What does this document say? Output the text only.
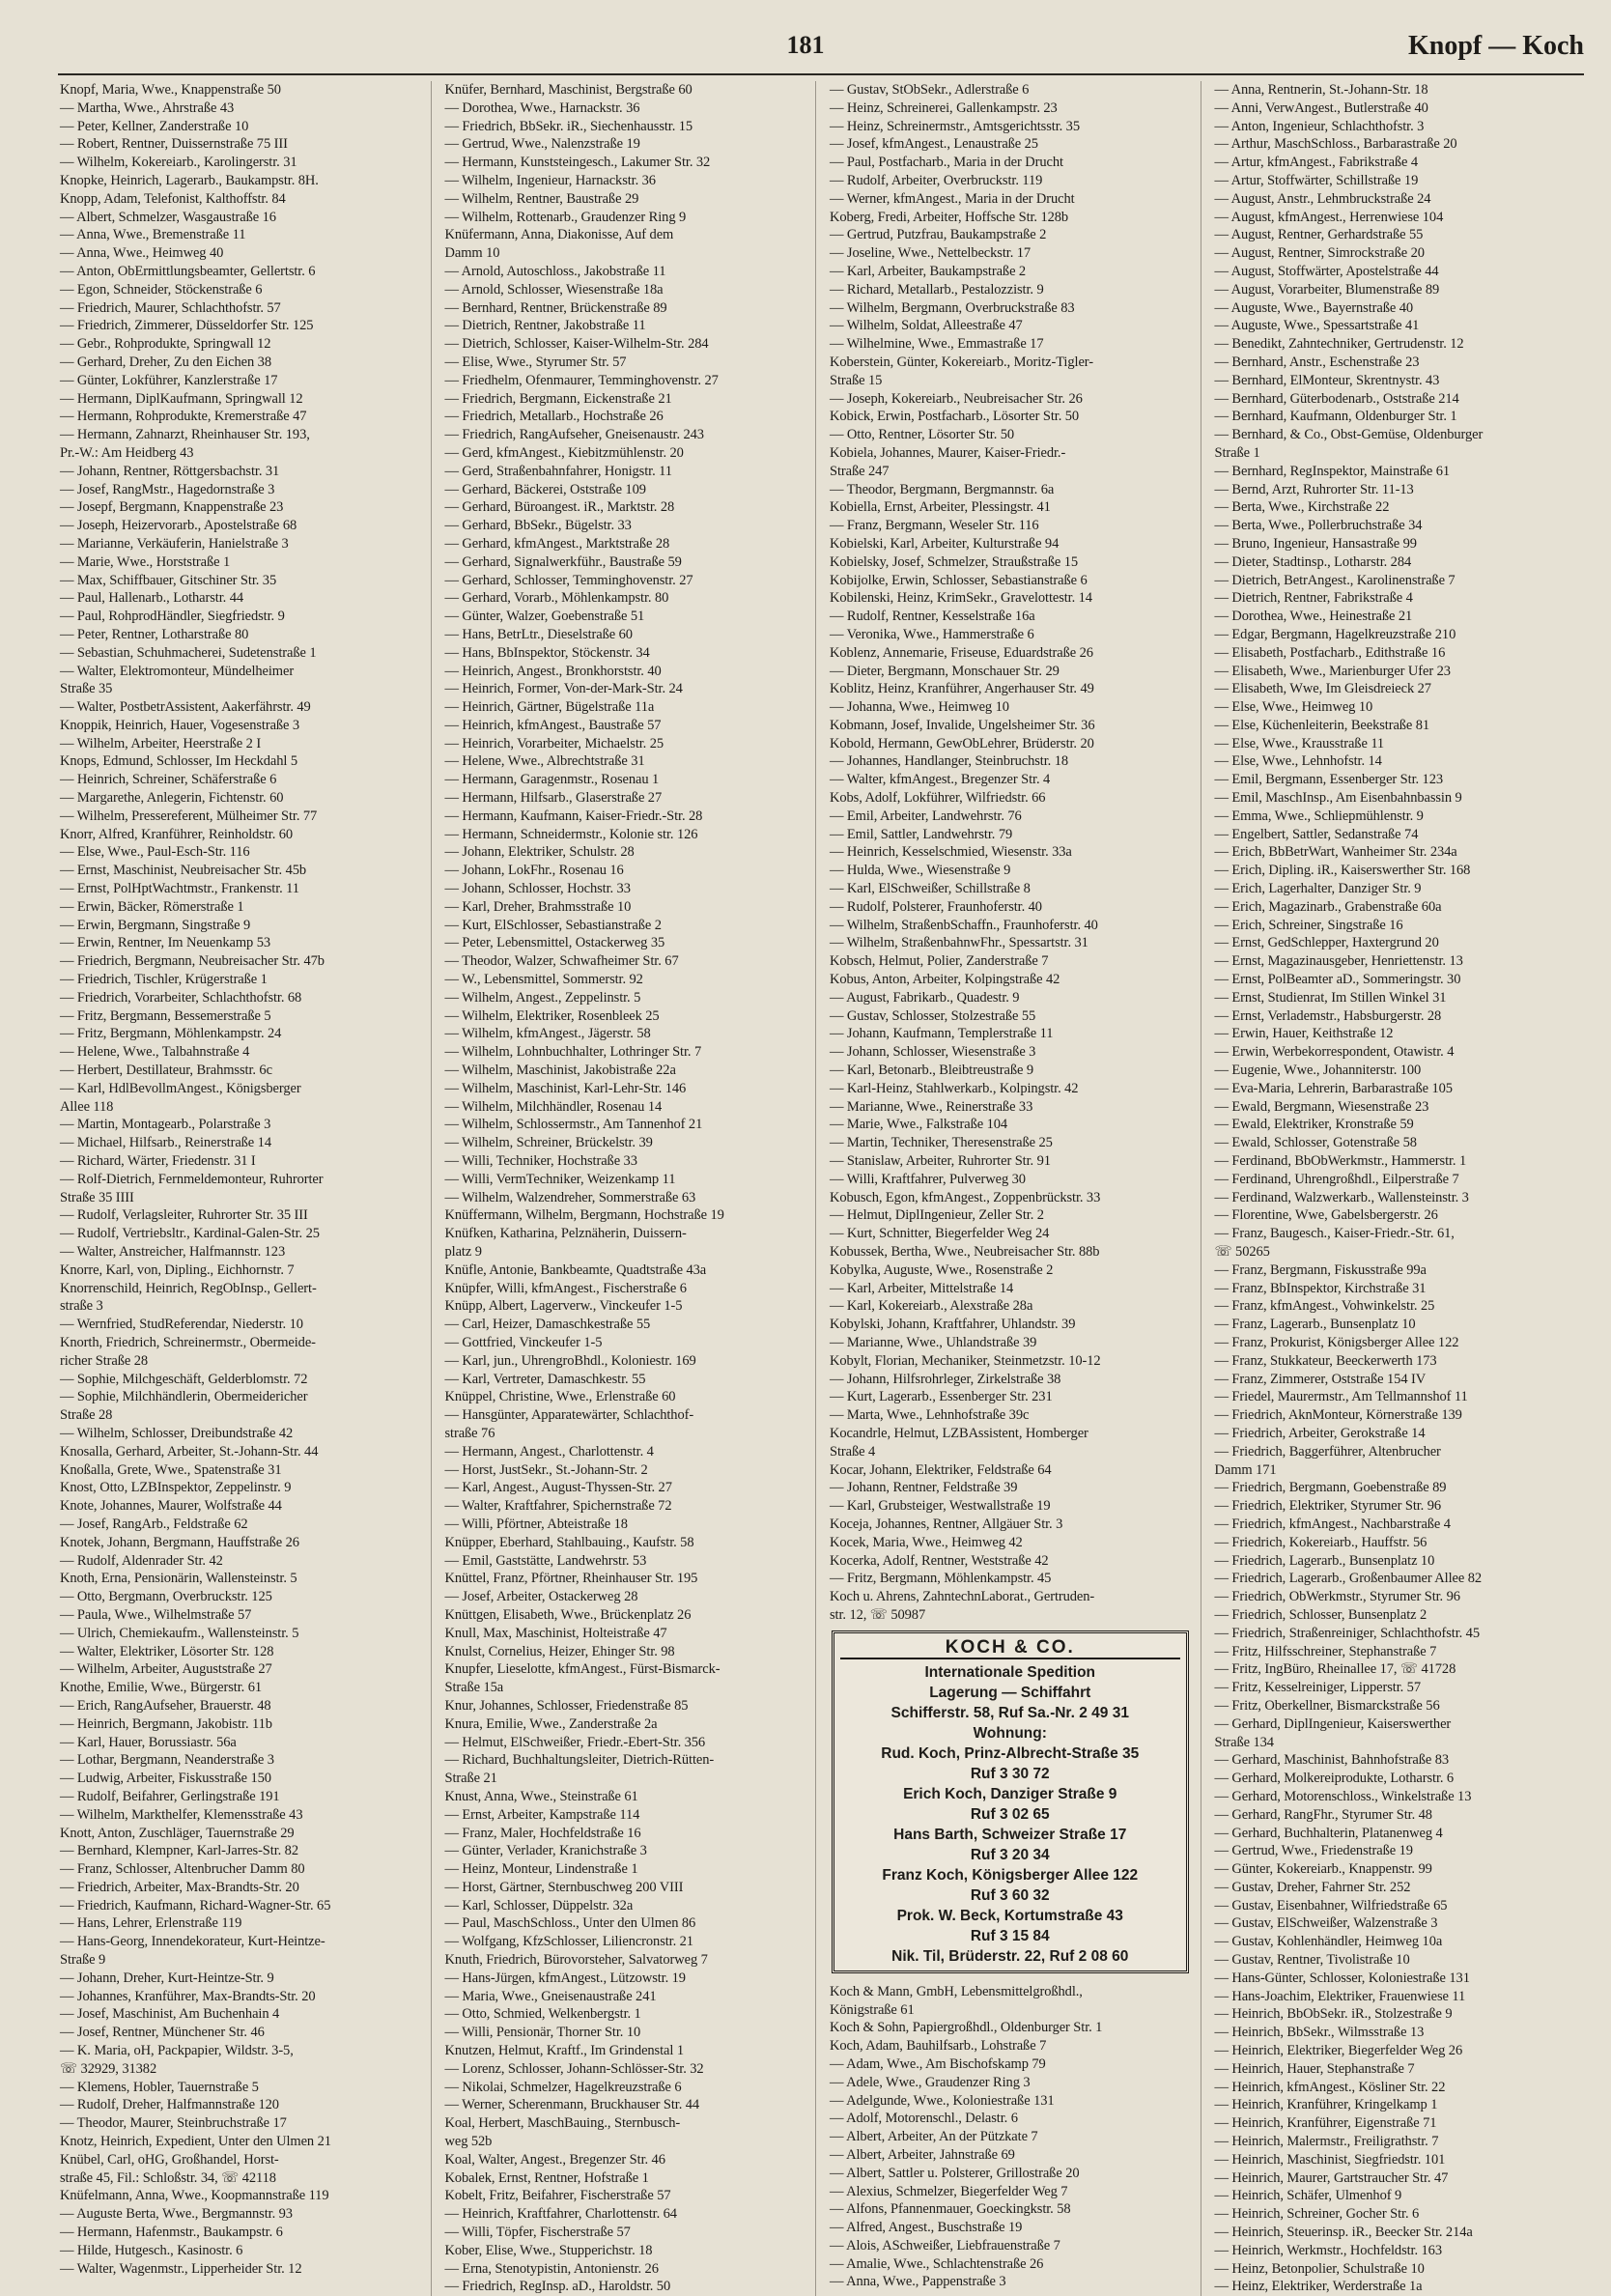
181	Knopf — Koch
Knopf, Maria, Wwe., Knappenstraße 50
— Martha, Wwe., Ahrstraße 43
— Peter, Kellner, Zanderstraße 10
— Robert, Rentner, Duissernstraße 75 III
— Wilhelm, Kokereiarb., Karolingerstr. 31
Knopke, Heinrich, Lagerarb., Baukampstr. 8H.
Knopp, Adam, Telefonist, Kalthoffstr. 84
— Albert, Schmelzer, Wasgaustraße 16
— Anna, Wwe., Bremenstraße 11
— Anna, Wwe., Heimweg 40
— Anton, ObErmittlungsbeamter, Gellertstr. 6
— Egon, Schneider, Stöckenstraße 6
— Friedrich, Maurer, Schlachthofstr. 57
— Friedrich, Zimmerer, Düsseldorfer Str. 125
— Gebr., Rohprodukte, Springwall 12
— Gerhard, Dreher, Zu den Eichen 38
— Günter, Lokführer, Kanzlerstraße 17
— Hermann, DiplKaufmann, Springwall 12
— Hermann, Rohprodukte, Kremerstraße 47
— Hermann, Zahnarzt, Rheinhauser Str. 193,
Pr.-W.: Am Heidberg 43
— Johann, Rentner, Röttgersbachstr. 31
— Josef, RangMstr., Hagedornstraße 3
— Josepf, Bergmann, Knappenstraße 23
— Joseph, Heizervorarb., Apostelstraße 68
— Marianne, Verkäuferin, Hanielstraße 3
— Marie, Wwe., Horststraße 1
— Max, Schiffbauer, Gitschiner Str. 35
— Paul, Hallenarb., Lotharstr. 44
— Paul, RohprodHändler, Siegfriedstr. 9
— Peter, Rentner, Lotharstraße 80
— Sebastian, Schuhmacherei, Sudetenstraße 1
— Walter, Elektromonteur, Mündelheimer
Straße 35
— Walter, PostbetrAssistent, Aakerfährstr. 49
Knoppik, Heinrich, Hauer, Vogesenstraße 3
— Wilhelm, Arbeiter, Heerstraße 2 I
Knops, Edmund, Schlosser, Im Heckdahl 5
— Heinrich, Schreiner, Schäferstraße 6
— Margarethe, Anlegerin, Fichtenstr. 60
— Wilhelm, Pressereferent, Mülheimer Str. 77
Knorr, Alfred, Kranführer, Reinholdstr. 60
— Else, Wwe., Paul-Esch-Str. 116
— Ernst, Maschinist, Neubreisacher Str. 45b
— Ernst, PolHptWachtmstr., Frankenstr. 11
— Erwin, Bäcker, Römerstraße 1
— Erwin, Bergmann, Singstraße 9
— Erwin, Rentner, Im Neuenkamp 53
— Friedrich, Bergmann, Neubreisacher Str. 47b
— Friedrich, Tischler, Krügerstraße 1
— Friedrich, Vorarbeiter, Schlachthofstr. 68
— Fritz, Bergmann, Bessemerstraße 5
— Fritz, Bergmann, Möhlenkampstr. 24
— Helene, Wwe., Talbahnstraße 4
— Herbert, Destillateur, Brahmsstr. 6c
— Karl, HdlBevollmAngest., Königsberger
Allee 118
— Martin, Montagearb., Polarstraße 3
— Michael, Hilfsarb., Reinerstraße 14
— Richard, Wärter, Friedenstr. 31 I
— Rolf-Dietrich, Fernmeldemonteur, Ruhrorter
Straße 35 IIII
— Rudolf, Verlagsleiter, Ruhrorter Str. 35 III
— Rudolf, Vertriebsltr., Kardinal-Galen-Str. 25
— Walter, Anstreicher, Halfmannstr. 123
Knorre, Karl, von, Dipling., Eichhornstr. 7
Knorrenschild, Heinrich, RegObInsp., Gellert-
straße 3
— Wernfried, StudReferendar, Niederstr. 10
Knorth, Friedrich, Schreinermstr., Obermeide-
richer Straße 28
— Sophie, Milchgeschäft, Gelderblomstr. 72
— Sophie, Milchhändlerin, Obermeidericher
Straße 28
— Wilhelm, Schlosser, Dreibundstraße 42
Knosalla, Gerhard, Arbeiter, St.-Johann-Str. 44
Knoßalla, Grete, Wwe., Spatenstraße 31
Knost, Otto, LZBInspektor, Zeppelinstr. 9
Knote, Johannes, Maurer, Wolfstraße 44
— Josef, RangArb., Feldstraße 62
Knotek, Johann, Bergmann, Hauffstraße 26
— Rudolf, Aldenrader Str. 42
Knoth, Erna, Pensionärin, Wallensteinstr. 5
— Otto, Bergmann, Overbruckstr. 125
— Paula, Wwe., Wilhelmstraße 57
— Ulrich, Chemiekaufm., Wallensteinstr. 5
— Walter, Elektriker, Lösorter Str. 128
— Wilhelm, Arbeiter, Auguststraße 27
Knothe, Emilie, Wwe., Bürgerstr. 61
— Erich, RangAufseher, Brauerstr. 48
— Heinrich, Bergmann, Jakobistr. 11b
— Karl, Hauer, Borussiastr. 56a
— Lothar, Bergmann, Neanderstraße 3
— Ludwig, Arbeiter, Fiskusstraße 150
— Rudolf, Beifahrer, Gerlingstraße 191
— Wilhelm, Markthelfer, Klemensstraße 43
Knott, Anton, Zuschläger, Tauernstraße 29
— Bernhard, Klempner, Karl-Jarres-Str. 82
— Franz, Schlosser, Altenbrucher Damm 80
— Friedrich, Arbeiter, Max-Brandts-Str. 20
— Friedrich, Kaufmann, Richard-Wagner-Str. 65
— Hans, Lehrer, Erlenstraße 119
— Hans-Georg, Innendekorateur, Kurt-Heintze-
Straße 9
— Johann, Dreher, Kurt-Heintze-Str. 9
— Johannes, Kranführer, Max-Brandts-Str. 20
— Josef, Maschinist, Am Buchenhain 4
— Josef, Rentner, Münchener Str. 46
— K. Maria, oH, Packpapier, Wildstr. 3-5,
☏ 32929, 31382
— Klemens, Hobler, Tauernstraße 5
— Rudolf, Dreher, Halfmannstraße 120
— Theodor, Maurer, Steinbruchstraße 17
Knotz, Heinrich, Expedient, Unter den Ulmen 21
Knübel, Carl, oHG, Großhandel, Horst-
straße 45, Fil.: Schloßstr. 34, ☏ 42118
Knüfelmann, Anna, Wwe., Koopmannstraße 119
— Auguste Berta, Wwe., Bergmannstr. 93
— Hermann, Hafenmstr., Baukampstr. 6
— Hilde, Hutgesch., Kasinostr. 6
— Walter, Wagenmstr., Lipperheider Str. 12
Knüfer, Bernhard, Maschinist, Bergstraße 60
— Dorothea, Wwe., Harnackstr. 36
— Friedrich, BbSekr. iR., Siechenhausstr. 15
— Gertrud, Wwe., Nalenzstraße 19
— Hermann, Kunststeingesch., Lakumer Str. 32
— Wilhelm, Ingenieur, Harnackstr. 36
— Wilhelm, Rentner, Baustraße 29
— Wilhelm, Rottenarb., Graudenzer Ring 9
Knüfermann, Anna, Diakonisse, Auf dem
Damm 10
— Arnold, Autoschloss., Jakobstraße 11
— Arnold, Schlosser, Wiesenstraße 18a
— Bernhard, Rentner, Brückenstraße 89
— Dietrich, Rentner, Jakobstraße 11
— Dietrich, Schlosser, Kaiser-Wilhelm-Str. 284
— Elise, Wwe., Styrumer Str. 57
— Friedhelm, Ofenmaurer, Temminghovenstr. 27
— Friedrich, Bergmann, Eickenstraße 21
— Friedrich, Metallarb., Hochstraße 26
— Friedrich, RangAufseher, Gneisenaustr. 243
— Gerd, kfmAngest., Kiebitzmühlenstr. 20
— Gerd, Straßenbahnfahrer, Honigstr. 11
— Gerhard, Bäckerei, Oststraße 109
— Gerhard, Büroangest. iR., Marktstr. 28
— Gerhard, BbSekr., Bügelstr. 33
— Gerhard, kfmAngest., Marktstraße 28
— Gerhard, Signalwerkführ., Baustraße 59
— Gerhard, Schlosser, Temminghovenstr. 27
— Gerhard, Vorarb., Möhlenkampstr. 80
— Günter, Walzer, Goebenstraße 51
— Hans, BetrLtr., Dieselstraße 60
— Hans, BbInspektor, Stöckenstr. 34
— Heinrich, Angest., Bronkhorststr. 40
— Heinrich, Former, Von-der-Mark-Str. 24
— Heinrich, Gärtner, Bügelstraße 11a
— Heinrich, kfmAngest., Baustraße 57
— Heinrich, Vorarbeiter, Michaelstr. 25
— Helene, Wwe., Albrechtstraße 31
— Hermann, Garagenmstr., Rosenau 1
— Hermann, Hilfsarb., Glaserstraße 27
— Hermann, Kaufmann, Kaiser-Friedr.-Str. 28
— Hermann, Schneidermstr., Kolonie str. 126
— Johann, Elektriker, Schulstr. 28
— Johann, LokFhr., Rosenau 16
— Johann, Schlosser, Hochstr. 33
— Karl, Dreher, Brahmsstraße 10
— Kurt, ElSchlosser, Sebastianstraße 2
— Peter, Lebensmittel, Ostackerweg 35
— Theodor, Walzer, Schwafheimer Str. 67
— W., Lebensmittel, Sommerstr. 92
— Wilhelm, Angest., Zeppelinstr. 5
— Wilhelm, Elektriker, Rosenbleek 25
— Wilhelm, kfmAngest., Jägerstr. 58
— Wilhelm, Lohnbuchhalter, Lothringer Str. 7
— Wilhelm, Maschinist, Jakobistraße 22a
— Wilhelm, Maschinist, Karl-Lehr-Str. 146
— Wilhelm, Milchhändler, Rosenau 14
— Wilhelm, Schlossermstr., Am Tannenhof 21
— Wilhelm, Schreiner, Brückelstr. 39
— Willi, Techniker, Hochstraße 33
— Willi, VermTechniker, Weizenkamp 11
— Wilhelm, Walzendreher, Sommerstraße 63
Knüffermann, Wilhelm, Bergmann, Hochstraße 19
Knüfken, Katharina, Pelznäherin, Duissern-
platz 9
Knüfle, Antonie, Bankbeamte, Quadtstraße 43a
Knüpfer, Willi, kfmAngest., Fischerstraße 6
Knüpp, Albert, Lagerverw., Vinckeufer 1-5
— Carl, Heizer, Damaschkestraße 55
— Gottfried, Vinckeufer 1-5
— Karl, jun., UhrengroBhdl., Koloniestr. 169
— Karl, Vertreter, Damaschkestr. 55
Knüppel, Christine, Wwe., Erlenstraße 60
— Hansgünter, Apparatewärter, Schlachthof-
straße 76
— Hermann, Angest., Charlottenstr. 4
— Horst, JustSekr., St.-Johann-Str. 2
— Karl, Angest., August-Thyssen-Str. 27
— Walter, Kraftfahrer, Spichernstraße 72
— Willi, Pförtner, Abteistraße 18
Knüpper, Eberhard, Stahlbauing., Kaufstr. 58
— Emil, Gaststätte, Landwehrstr. 53
Knüttel, Franz, Pförtner, Rheinhauser Str. 195
— Josef, Arbeiter, Ostackerweg 28
Knüttgen, Elisabeth, Wwe., Brückenplatz 26
Knull, Max, Maschinist, Holteistraße 47
Knulst, Cornelius, Heizer, Ehinger Str. 98
Knupfer, Lieselotte, kfmAngest., Fürst-Bismarck-
Straße 15a
Knur, Johannes, Schlosser, Friedenstraße 85
Knura, Emilie, Wwe., Zanderstraße 2a
— Helmut, ElSchweißer, Friedr.-Ebert-Str. 356
— Richard, Buchhaltungsleiter, Dietrich-Rütten-
Straße 21
Knust, Anna, Wwe., Steinstraße 61
— Ernst, Arbeiter, Kampstraße 114
— Franz, Maler, Hochfeldstraße 16
— Günter, Verlader, Kranichstraße 3
— Heinz, Monteur, Lindenstraße 1
— Horst, Gärtner, Sternbuschweg 200 VIII
— Karl, Schlosser, Düppelstr. 32a
— Paul, MaschSchloss., Unter den Ulmen 86
— Wolfgang, KfzSchlosser, Liliencronstr. 21
Knuth, Friedrich, Bürovorsteher, Salvatorweg 7
— Hans-Jürgen, kfmAngest., Lützowstr. 19
— Maria, Wwe., Gneisenaustraße 241
— Otto, Schmied, Welkenbergstr. 1
— Willi, Pensionär, Thorner Str. 10
Knutzen, Helmut, Kraftf., Im Grindenstal 1
— Lorenz, Schlosser, Johann-Schlösser-Str. 32
— Nikolai, Schmelzer, Hagelkreuzstraße 6
— Werner, Scherenmann, Bruckhauser Str. 44
Koal, Herbert, MaschBauing., Sternbusch-
weg 52b
Koal, Walter, Angest., Bregenzer Str. 46
Kobalek, Ernst, Rentner, Hofstraße 1
Kobelt, Fritz, Beifahrer, Fischerstraße 57
— Heinrich, Kraftfahrer, Charlottenstr. 64
— Willi, Töpfer, Fischerstraße 57
Kober, Elise, Wwe., Stupperichstr. 18
— Erna, Stenotypistin, Antonienstr. 26
— Friedrich, RegInsp. aD., Haroldstr. 50
— Gustav, StObSekr., Adlerstraße 6
— Heinz, Schreinerei, Gallenkampstr. 23
— Heinz, Schreinermstr., Amtsgerichtsstr. 35
— Josef, kfmAngest., Lenaustraße 25
— Paul, Postfacharb., Maria in der Drucht
— Rudolf, Arbeiter, Overbruckstr. 119
— Werner, kfmAngest., Maria in der Drucht
Koberg, Fredi, Arbeiter, Hoffsche Str. 128b
— Gertrud, Putzfrau, Baukampstraße 2
— Joseline, Wwe., Nettelbeckstr. 17
— Karl, Arbeiter, Baukampstraße 2
— Richard, Metallarb., Pestalozzistr. 9
— Wilhelm, Bergmann, Overbruckstraße 83
— Wilhelm, Soldat, Alleestraße 47
— Wilhelmine, Wwe., Emmastraße 17
Koberstein, Günter, Kokereiarb., Moritz-Tigler-
Straße 15
— Joseph, Kokereiarb., Neubreisacher Str. 26
Kobick, Erwin, Postfacharb., Lösorter Str. 50
— Otto, Rentner, Lösorter Str. 50
Kobiela, Johannes, Maurer, Kaiser-Friedr.-
Straße 247
— Theodor, Bergmann, Bergmannstr. 6a
Kobiella, Ernst, Arbeiter, Plessingstr. 41
— Franz, Bergmann, Weseler Str. 116
Kobielski, Karl, Arbeiter, Kulturstraße 94
Kobielsky, Josef, Schmelzer, Straußstraße 15
Kobijolke, Erwin, Schlosser, Sebastianstraße 6
Kobilenski, Heinz, KrimSekr., Gravelottestr. 14
— Rudolf, Rentner, Kesselstraße 16a
— Veronika, Wwe., Hammerstraße 6
Koblenz, Annemarie, Friseuse, Eduardstraße 26
— Dieter, Bergmann, Monschauer Str. 29
Koblitz, Heinz, Kranführer, Angerhauser Str. 49
— Johanna, Wwe., Heimweg 10
Kobmann, Josef, Invalide, Ungelsheimer Str. 36
Kobold, Hermann, GewObLehrer, Brüderstr. 20
— Johannes, Handlanger, Steinbruchstr. 18
— Walter, kfmAngest., Bregenzer Str. 4
Kobs, Adolf, Lokführer, Wilfriedstr. 66
— Emil, Arbeiter, Landwehrstr. 76
— Emil, Sattler, Landwehrstr. 79
— Heinrich, Kesselschmied, Wiesenstr. 33a
— Hulda, Wwe., Wiesenstraße 9
— Karl, ElSchweißer, Schillstraße 8
— Rudolf, Polsterer, Fraunhoferstr. 40
— Wilhelm, StraßenbSchaffn., Fraunhoferstr. 40
— Wilhelm, StraßenbahnwFhr., Spessartstr. 31
Kobsch, Helmut, Polier, Zanderstraße 7
Kobus, Anton, Arbeiter, Kolpingstraße 42
— August, Fabrikarb., Quadestr. 9
— Gustav, Schlosser, Stolzestraße 55
— Johann, Kaufmann, Templerstraße 11
— Johann, Schlosser, Wiesenstraße 3
— Karl, Betonarb., Bleibtreustraße 9
— Karl-Heinz, Stahlwerkarb., Kolpingstr. 42
— Marianne, Wwe., Reinerstraße 33
— Marie, Wwe., Falkstraße 104
— Martin, Techniker, Theresenstraße 25
— Stanislaw, Arbeiter, Ruhrorter Str. 91
— Willi, Kraftfahrer, Pulverweg 30
Kobusch, Egon, kfmAngest., Zoppenbrückstr. 33
— Helmut, DiplIngenieur, Zeller Str. 2
— Kurt, Schnitter, Biegerfelder Weg 24
Kobussek, Bertha, Wwe., Neubreisacher Str. 88b
Kobylka, Auguste, Wwe., Rosenstraße 2
— Karl, Arbeiter, Mittelstraße 14
— Karl, Kokereiarb., Alexstraße 28a
Kobylski, Johann, Kraftfahrer, Uhlandstr. 39
— Marianne, Wwe., Uhlandstraße 39
Kobylt, Florian, Mechaniker, Steinmetzstr. 10-12
— Johann, Hilfsrohrleger, Zirkelstraße 38
— Kurt, Lagerarb., Essenberger Str. 231
— Marta, Wwe., Lehnhofstraße 39c
Kocandrle, Helmut, LZBAssistent, Homberger
Straße 4
Kocar, Johann, Elektriker, Feldstraße 64
— Johann, Rentner, Feldstraße 39
— Karl, Grubsteiger, Westwallstraße 19
Koceja, Johannes, Rentner, Allgäuer Str. 3
Kocek, Maria, Wwe., Heimweg 42
Kocerka, Adolf, Rentner, Weststraße 42
— Fritz, Bergmann, Möhlenkampstr. 45
Koch u. Ahrens, ZahntechnLaborat., Gertruden-
str. 12, ☏ 50987
KOCH & CO.
Internationale Spedition
Lagerung — Schiffahrt
Schifferstr. 58, Ruf Sa.-Nr. 2 49 31
Wohnung:
Rud. Koch, Prinz-Albrecht-Straße 35
Ruf 3 30 72
Erich Koch, Danziger Straße 9
Ruf 3 02 65
Hans Barth, Schweizer Straße 17
Ruf 3 20 34
Franz Koch, Königsberger Allee 122
Ruf 3 60 32
Prok. W. Beck, Kortumstraße 43
Ruf 3 15 84
Nik. Til, Brüderstr. 22, Ruf 2 08 60
Koch & Mann, GmbH, Lebensmittelgroßhdl.,
Königstraße 61
Koch & Sohn, Papiergroßhdl., Oldenburger Str. 1
Koch, Adam, Bauhilfsarb., Lohstraße 7
— Adam, Wwe., Am Bischofskamp 79
— Adele, Wwe., Graudenzer Ring 3
— Adelgunde, Wwe., Koloniestraße 131
— Adolf, Motorenschl., Delastr. 6
— Albert, Arbeiter, An der Pützkate 7
— Albert, Arbeiter, Jahnstraße 69
— Albert, Sattler u. Polsterer, Grillostraße 20
— Alexius, Schmelzer, Biegerfelder Weg 7
— Alfons, Pfannenmauer, Goeckingkstr. 58
— Alfred, Angest., Buschstraße 19
— Alois, ASchweißer, Liebfrauenstraße 7
— Amalie, Wwe., Schlachtenstraße 26
— Anna, Wwe., Pappenstraße 3
— Anna, Rentnerin, St.-Johann-Str. 18
— Anni, VerwAngest., Butlerstraße 40
— Anton, Ingenieur, Schlachthofstr. 3
— Arthur, MaschSchloss., Barbarastraße 20
— Artur, kfmAngest., Fabrikstraße 4
— Artur, Stoffwärter, Schillstraße 19
— August, Anstr., Lehmbruckstraße 24
— August, kfmAngest., Herrenwiese 104
— August, Rentner, Gerhardstraße 55
— August, Rentner, Simrockstraße 20
— August, Stoffwärter, Apostelstraße 44
— August, Vorarbeiter, Blumenstraße 89
— Auguste, Wwe., Bayernstraße 40
— Auguste, Wwe., Spessartstraße 41
— Benedikt, Zahntechniker, Gertrudenstr. 12
— Bernhard, Anstr., Eschenstraße 23
— Bernhard, ElMonteur, Skrentnystr. 43
— Bernhard, Güterbodenarb., Oststraße 214
— Bernhard, Kaufmann, Oldenburger Str. 1
— Bernhard, & Co., Obst-Gemüse, Oldenburger
Straße 1
— Bernhard, RegInspektor, Mainstraße 61
— Bernd, Arzt, Ruhrorter Str. 11-13
— Berta, Wwe., Kirchstraße 22
— Berta, Wwe., Pollerbruchstraße 34
— Bruno, Ingenieur, Hansastraße 99
— Dieter, Stadtinsp., Lotharstr. 284
— Dietrich, BetrAngest., Karolinenstraße 7
— Dietrich, Rentner, Fabrikstraße 4
— Dorothea, Wwe., Heinestraße 21
— Edgar, Bergmann, Hagelkreuzstraße 210
— Elisabeth, Postfacharb., Edithstraße 16
— Elisabeth, Wwe., Marienburger Ufer 23
— Elisabeth, Wwe, Im Gleisdreieck 27
— Else, Wwe., Heimweg 10
— Else, Küchenleiterin, Beekstraße 81
— Else, Wwe., Krausstraße 11
— Else, Wwe., Lehnhofstr. 14
— Emil, Bergmann, Essenberger Str. 123
— Emil, MaschInsp., Am Eisenbahnbassin 9
— Emma, Wwe., Schliepmühlenstr. 9
— Engelbert, Sattler, Sedanstraße 74
— Erich, BbBetrWart, Wanheimer Str. 234a
— Erich, Dipling. iR., Kaiserswerther Str. 168
— Erich, Lagerhalter, Danziger Str. 9
— Erich, Magazinarb., Grabenstraße 60a
— Erich, Schreiner, Singstraße 16
— Ernst, GedSchlepper, Haxtergrund 20
— Ernst, Magazinausgeber, Henriettenstr. 13
— Ernst, PolBeamter aD., Sommeringstr. 30
— Ernst, Studienrat, Im Stillen Winkel 31
— Ernst, Verlademstr., Habsburgerstr. 28
— Erwin, Hauer, Keithstraße 12
— Erwin, Werbekorrespondent, Otawistr. 4
— Eugenie, Wwe., Johanniterstr. 100
— Eva-Maria, Lehrerin, Barbarastraße 105
— Ewald, Bergmann, Wiesenstraße 23
— Ewald, Elektriker, Kronstraße 59
— Ewald, Schlosser, Gotenstraße 58
— Ferdinand, BbObWerkmstr., Hammerstr. 1
— Ferdinand, Uhrengroßhdl., Eilperstraße 7
— Ferdinand, Walzwerkarb., Wallensteinstr. 3
— Florentine, Wwe, Gabelsbergerstr. 26
— Franz, Baugesch., Kaiser-Friedr.-Str. 61,
☏ 50265
— Franz, Bergmann, Fiskusstraße 99a
— Franz, BbInspektor, Kirchstraße 31
— Franz, kfmAngest., Vohwinkelstr. 25
— Franz, Lagerarb., Bunsenplatz 10
— Franz, Prokurist, Königsberger Allee 122
— Franz, Stukkateur, Beeckerwerth 173
— Franz, Zimmerer, Oststraße 154 IV
— Friedel, Maurermstr., Am Tellmannshof 11
— Friedrich, AknMonteur, Körnerstraße 139
— Friedrich, Arbeiter, Gerokstraße 14
— Friedrich, Baggerführer, Altenbrucher
Damm 171
— Friedrich, Bergmann, Goebenstraße 89
— Friedrich, Elektriker, Styrumer Str. 96
— Friedrich, kfmAngest., Nachbarstraße 4
— Friedrich, Kokereiarb., Hauffstr. 56
— Friedrich, Lagerarb., Bunsenplatz 10
— Friedrich, Lagerarb., Großenbaumer Allee 82
— Friedrich, ObWerkmstr., Styrumer Str. 96
— Friedrich, Schlosser, Bunsenplatz 2
— Friedrich, Straßenreiniger, Schlachthofstr. 45
— Fritz, Hilfsschreiner, Stephanstraße 7
— Fritz, IngBüro, Rheinallee 17, ☏ 41728
— Fritz, Kesselreiniger, Lipperstr. 57
— Fritz, Oberkellner, Bismarckstraße 56
— Gerhard, DiplIngenieur, Kaiserswerther
Straße 134
— Gerhard, Maschinist, Bahnhofstraße 83
— Gerhard, Molkereiprodukte, Lotharstr. 6
— Gerhard, Motorenschloss., Winkelstraße 13
— Gerhard, RangFhr., Styrumer Str. 48
— Gerhard, Buchhalterin, Platanenweg 4
— Gertrud, Wwe., Friedenstraße 19
— Günter, Kokereiarb., Knappenstr. 99
— Gustav, Dreher, Fahrner Str. 252
— Gustav, Eisenbahner, Wilfriedstraße 65
— Gustav, ElSchweißer, Walzenstraße 3
— Gustav, Kohlenhändler, Heimweg 10a
— Gustav, Rentner, Tivolistraße 10
— Hans-Günter, Schlosser, Koloniestraße 131
— Hans-Joachim, Elektriker, Frauenwiese 11
— Heinrich, BbObSekr. iR., Stolzestraße 9
— Heinrich, BbSekr., Wilmsstraße 13
— Heinrich, Elektriker, Biegerfelder Weg 26
— Heinrich, Hauer, Stephanstraße 7
— Heinrich, kfmAngest., Kösliner Str. 22
— Heinrich, Kranführer, Kringelkamp 1
— Heinrich, Kranführer, Eigenstraße 71
— Heinrich, Malermstr., Freiligrathstr. 7
— Heinrich, Maschinist, Siegfriedstr. 101
— Heinrich, Maurer, Gartstraucher Str. 47
— Heinrich, Schäfer, Ulmenhof 9
— Heinrich, Schreiner, Gocher Str. 6
— Heinrich, Steuerinsp. iR., Beecker Str. 214a
— Heinrich, Werkmstr., Hochfeldstr. 163
— Heinz, Betonpolier, Schulstraße 10
— Heinz, Elektriker, Werderstraße 1a
